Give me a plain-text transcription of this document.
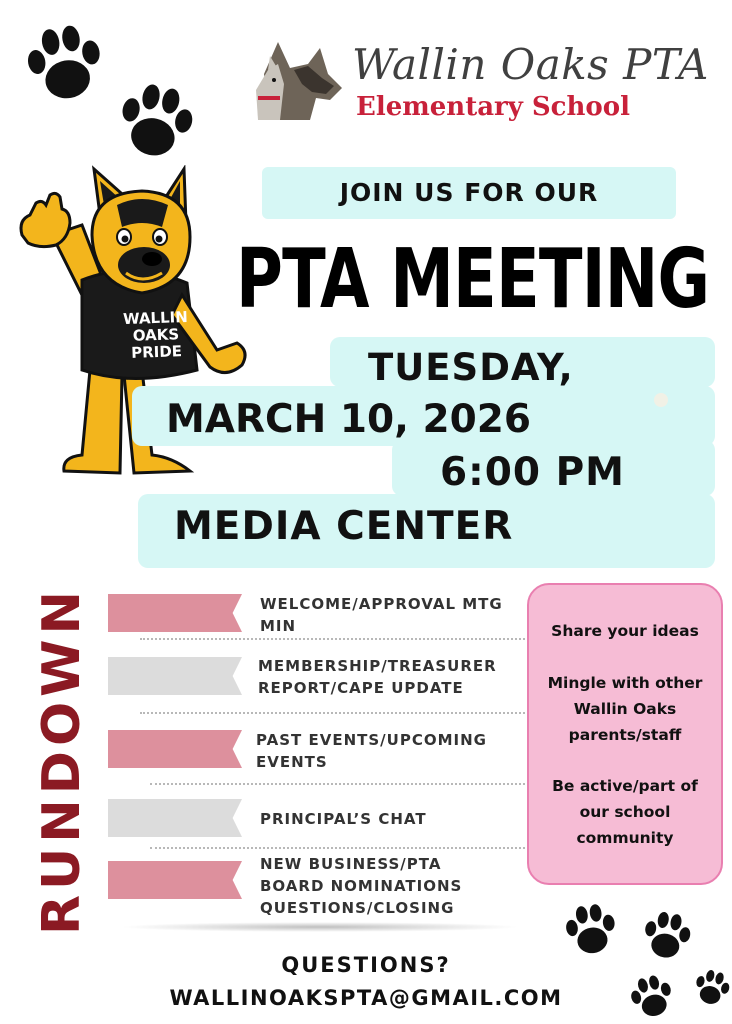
Wallin Oaks PTA
Elementary School
WALLIN
OAKS
PRIDE
JOIN US FOR OUR
PTA MEETING
TUESDAY,
MARCH 10, 2026
6:00 PM
MEDIA CENTER
RUNDOWN	WELCOME/APPROVAL MTG
MIN
MEMBERSHIP/TREASURER
REPORT/CAPE UPDATE
PAST EVENTS/UPCOMING
EVENTS
PRINCIPAL’S CHAT
NEW BUSINESS/PTA
BOARD NOMINATIONS
QUESTIONS/CLOSING
Share your ideas
Mingle with other
Wallin Oaks
parents/staff
Be active/part of
our school
community
QUESTIONS?
WALLINOAKSPTA@GMAIL.COM
